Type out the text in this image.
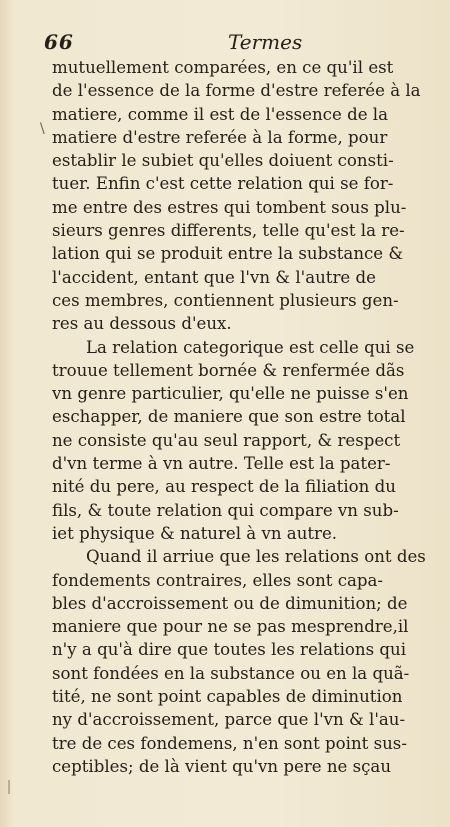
66	Termes
\
mutuellement comparées, en ce qu'il est
de l'essence de la forme d'estre referée à la
matiere, comme il est de l'essence de la
matiere d'estre referée à la forme, pour
establir le subiet qu'elles doiuent consti-
tuer. Enfin c'est cette relation qui se for-
me entre des estres qui tombent sous plu-
sieurs genres differents, telle qu'est la re-
lation qui se produit entre la substance &
l'accident, entant que l'vn & l'autre de
ces membres, contiennent plusieurs gen-
res au dessous d'eux.
La relation categorique est celle qui se
trouue tellement bornée & renfermée dãs
vn genre particulier, qu'elle ne puisse s'en
eschapper, de maniere que son estre total
ne consiste qu'au seul rapport, & respect
d'vn terme à vn autre. Telle est la pater-
nité du pere, au respect de la filiation du
fils, & toute relation qui compare vn sub-
iet physique & naturel à vn autre.
Quand il arriue que les relations ont des
fondements contraires, elles sont capa-
bles d'accroissement ou de dimunition; de
maniere que pour ne se pas mesprendre,il
n'y a qu'à dire que toutes les relations qui
sont fondées en la substance ou en la quã-
tité, ne sont point capables de diminution
ny d'accroissement, parce que l'vn & l'au-
tre de ces fondemens, n'en sont point sus-
ceptibles; de là vient qu'vn pere ne sçau
